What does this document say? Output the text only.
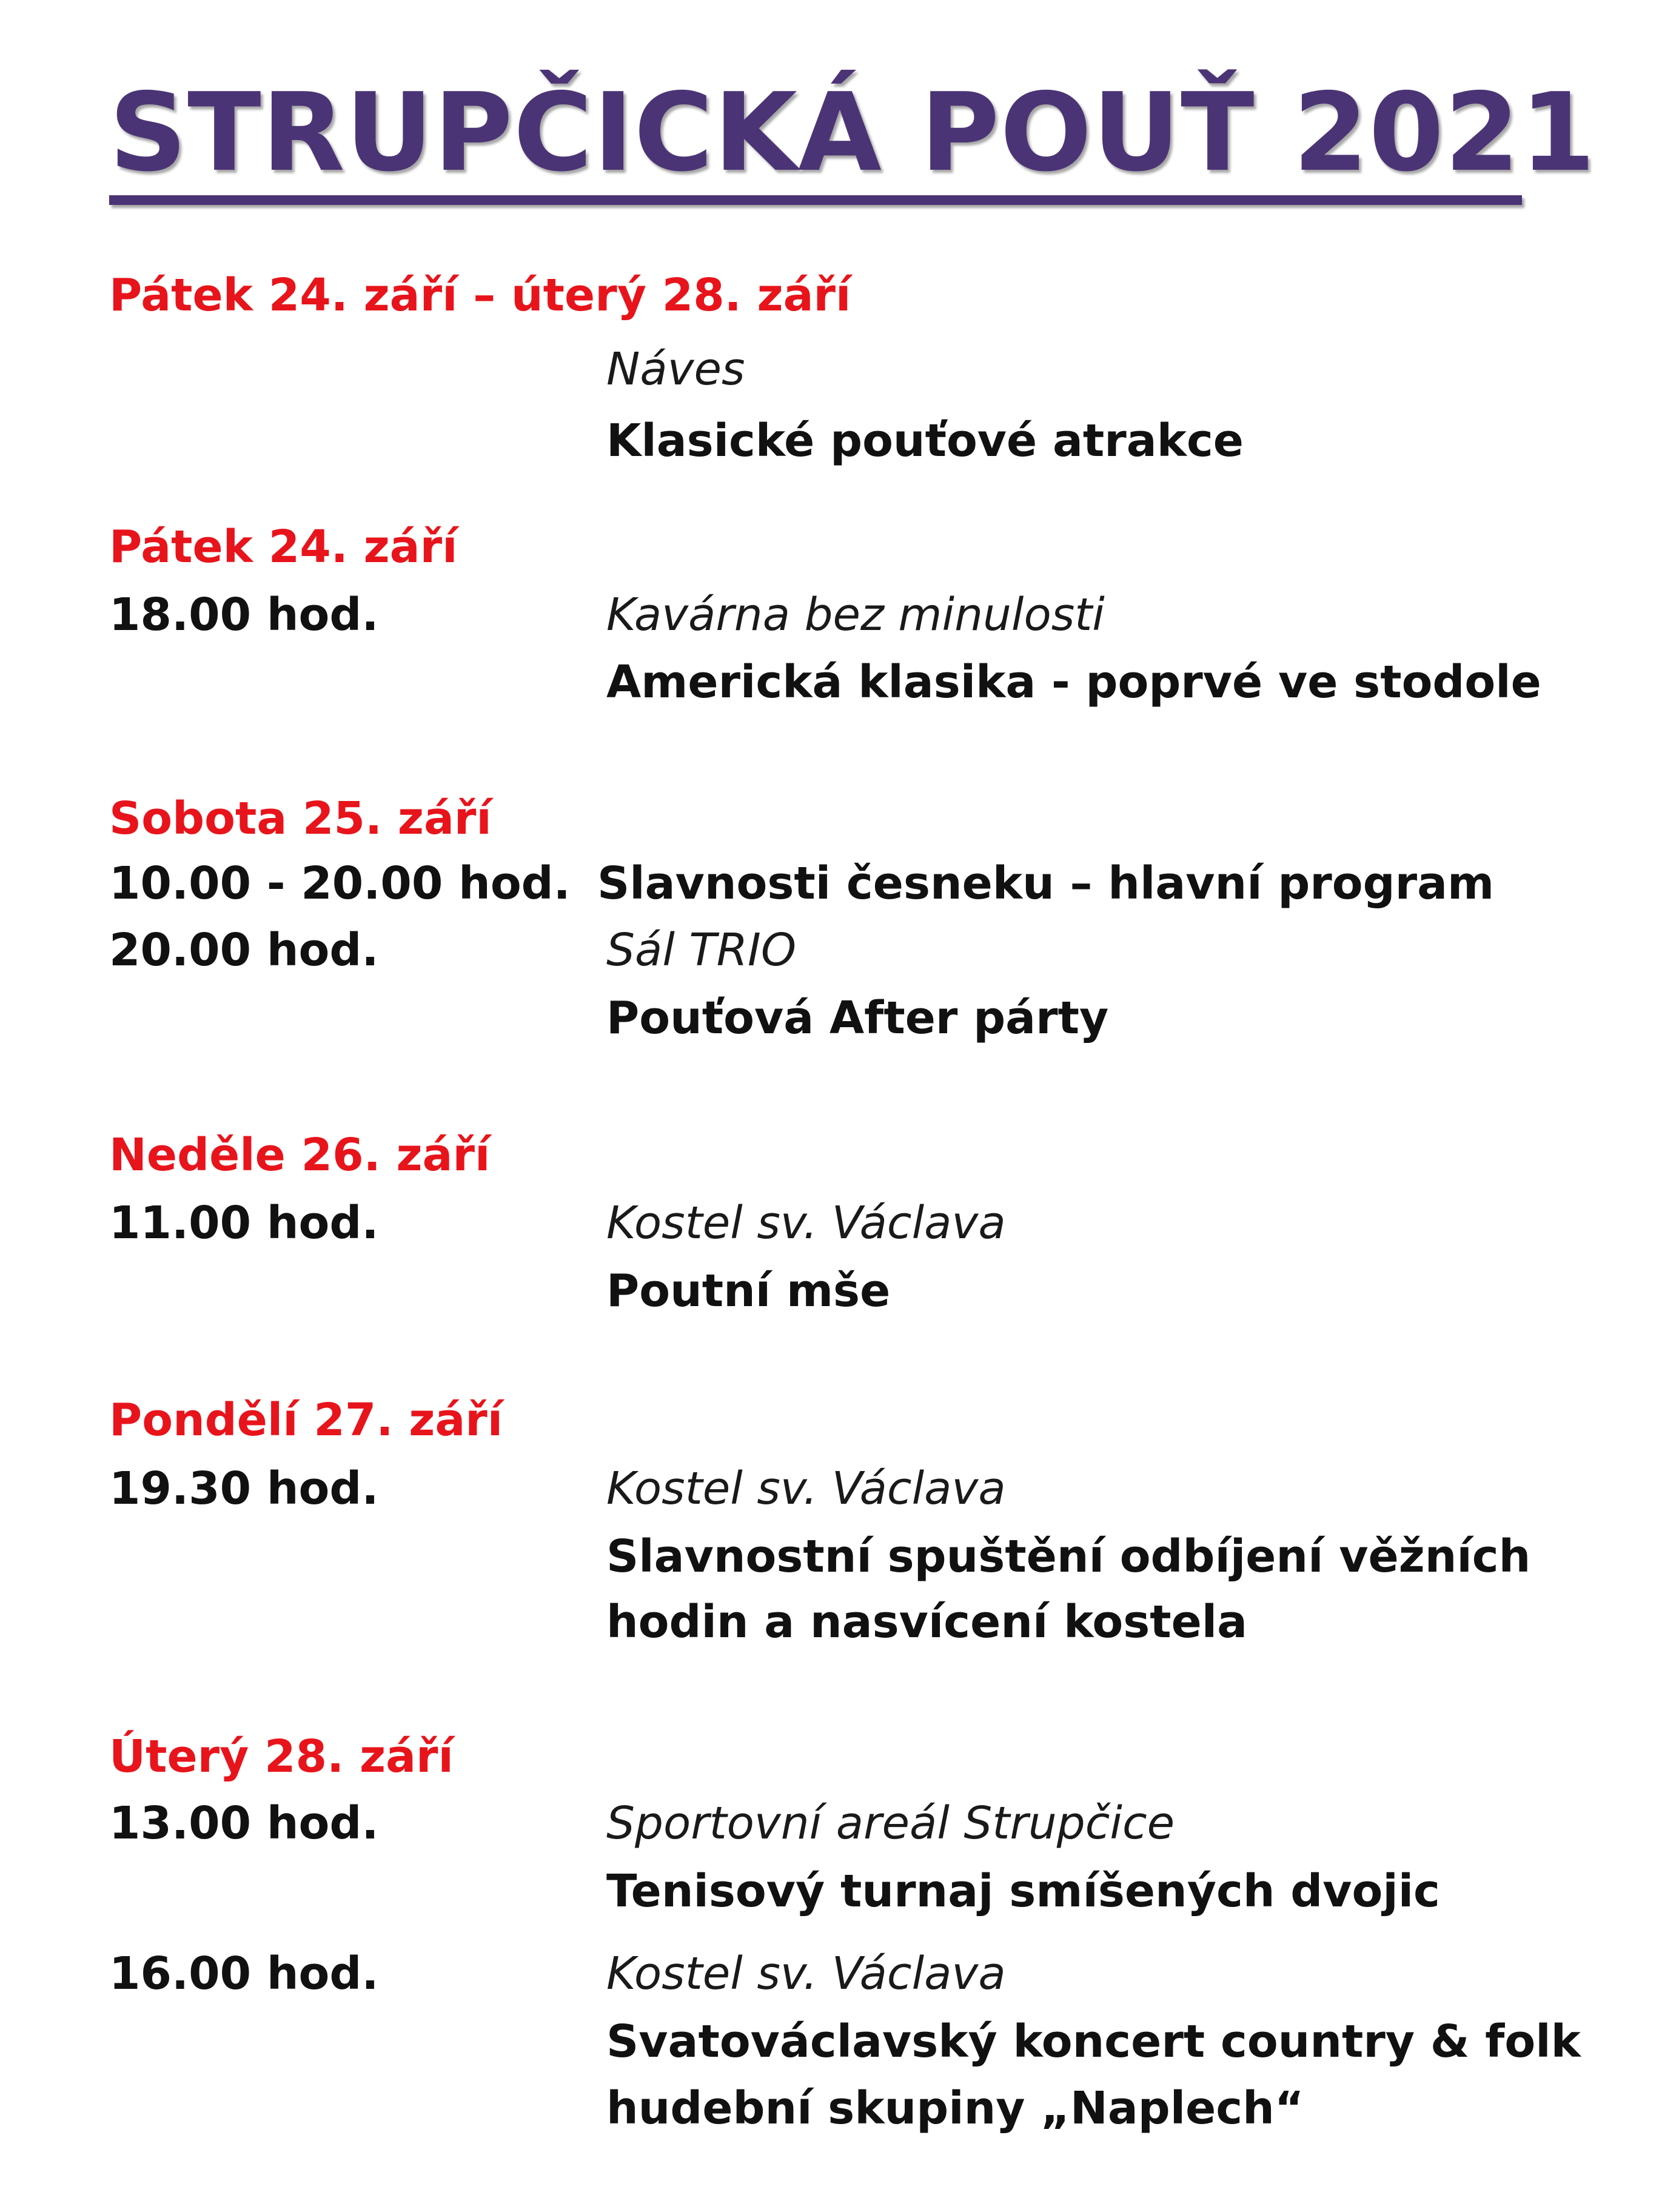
STRUPČICKÁ POUŤ 2021
Pátek 24. září – úterý 28. září
Náves
Klasické pouťové atrakce
Pátek 24. září
18.00 hod.	Kavárna bez minulosti
Americká klasika - poprvé ve stodole
Sobota 25. září
10.00 - 20.00 hod. Slavnosti česneku – hlavní program
20.00 hod.	Sál TRIO
Pouťová After párty
Neděle 26. září
11.00 hod.	Kostel sv. Václava
Poutní mše
Pondělí 27. září
19.30 hod.	Kostel sv. Václava
Slavnostní spuštění odbíjení věžních
hodin a nasvícení kostela
Úterý 28. září
13.00 hod.	Sportovní areál Strupčice
Tenisový turnaj smíšených dvojic
16.00 hod.	Kostel sv. Václava
Svatováclavský koncert country & folk
hudební skupiny „Naplech“
